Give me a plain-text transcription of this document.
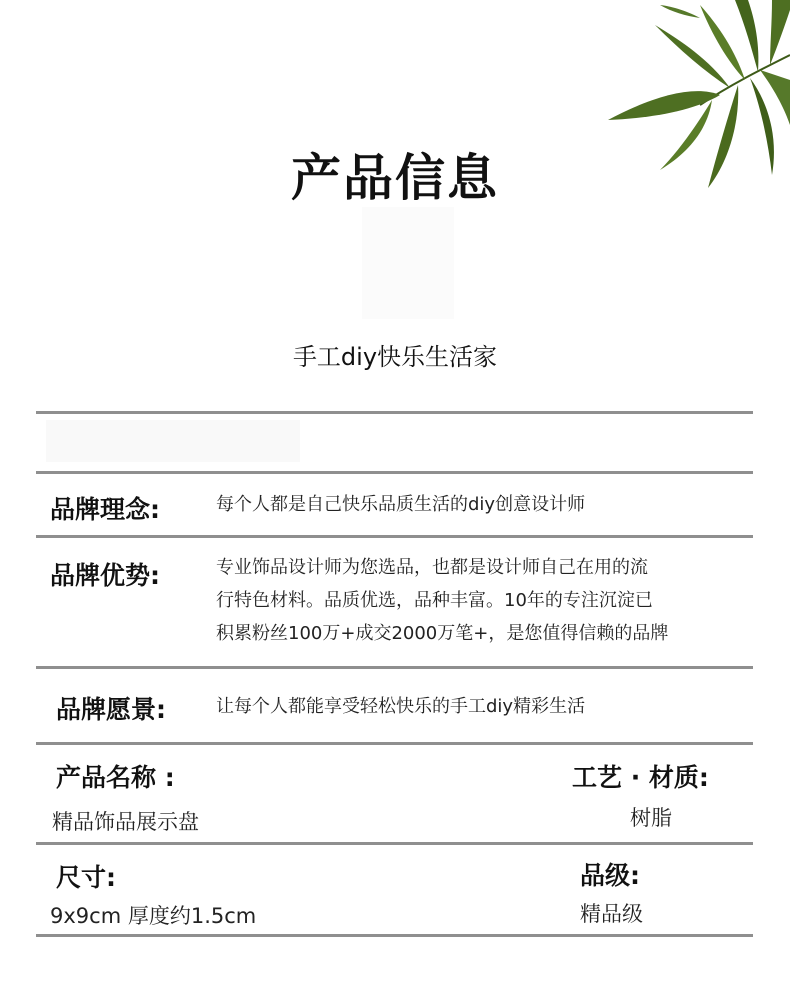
产品信息
手工diy快乐生活家
品牌理念:	每个人都是自己快乐品质生活的diy创意设计师
品牌优势:	专业饰品设计师为您选品，也都是设计师自己在用的流
行特色材料。品质优选，品种丰富。10年的专注沉淀已
积累粉丝100万+成交2000万笔+，是您值得信赖的品牌
品牌愿景:	让每个人都能享受轻松快乐的手工diy精彩生活
产品名称 :
精品饰品展示盘
工艺 · 材质:
树脂
尺寸:
9x9cm 厚度约1.5cm
品级:
精品级
